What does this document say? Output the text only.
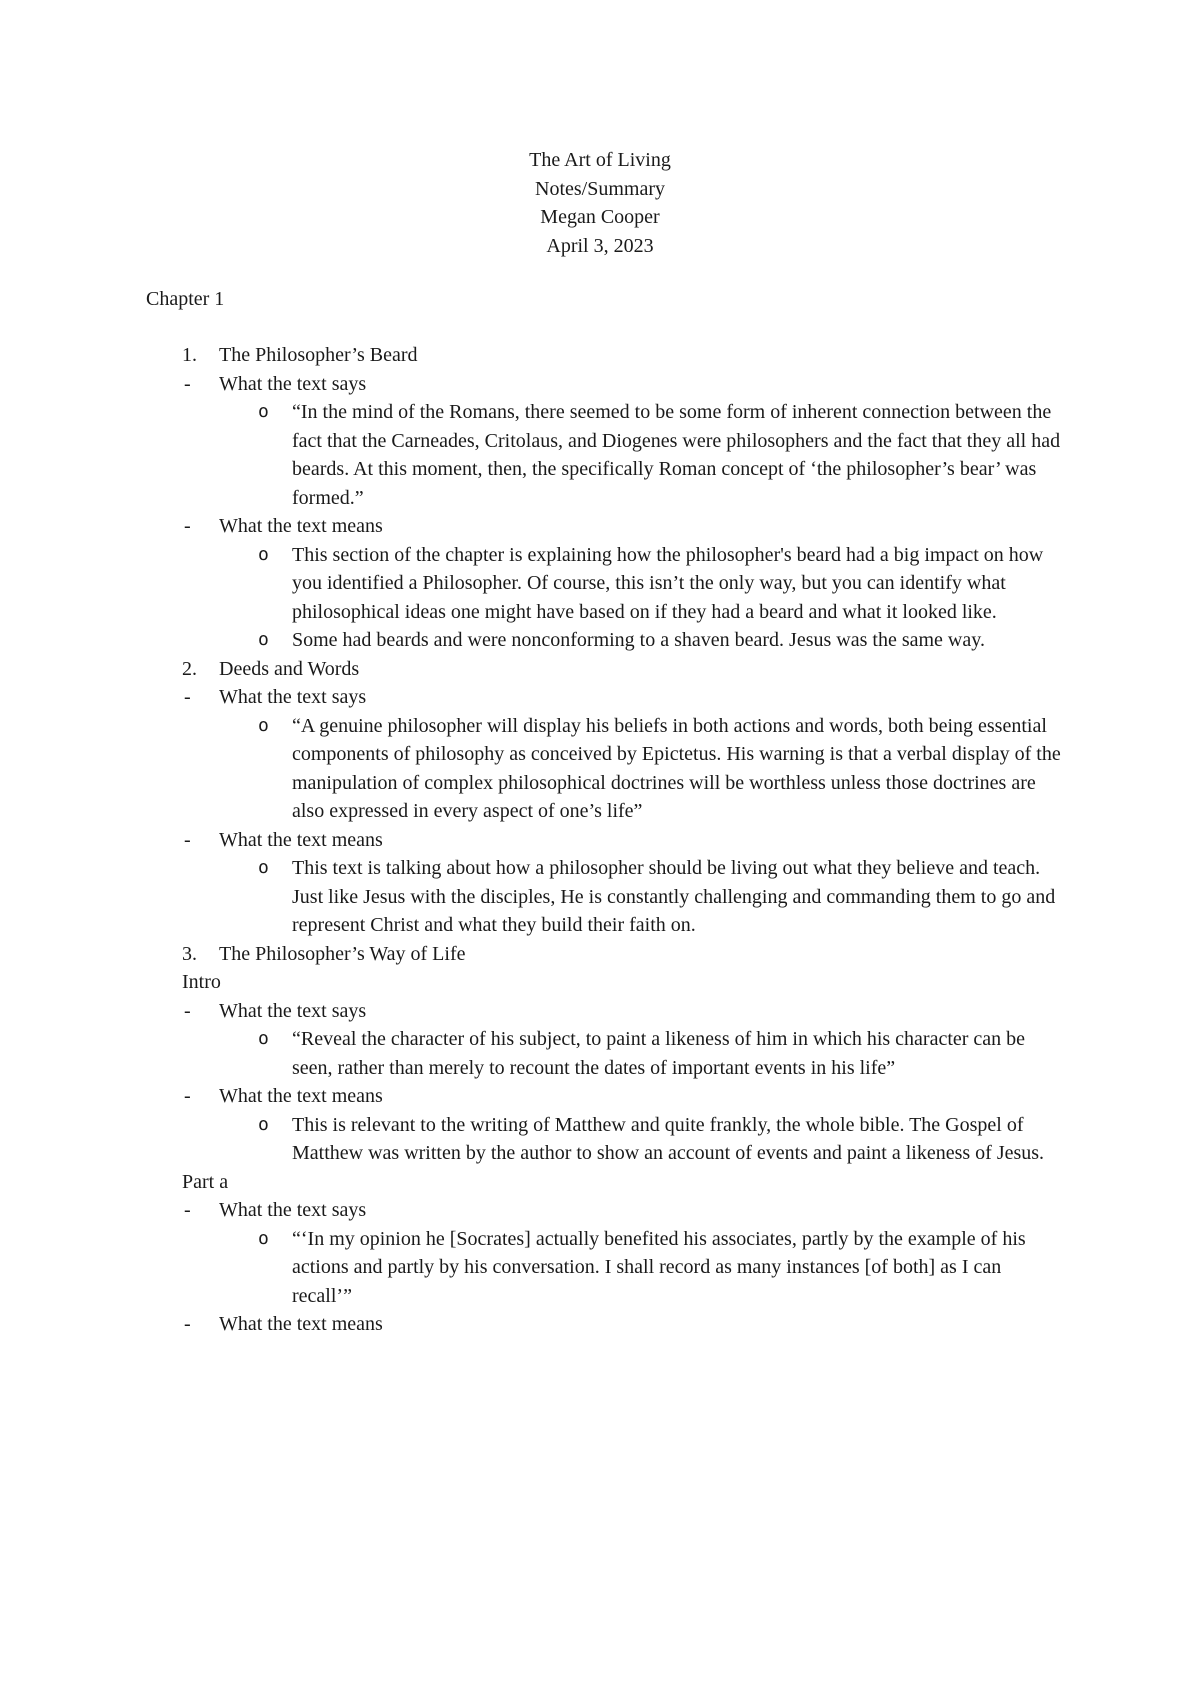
The Art of Living
Notes/Summary
Megan Cooper
April 3, 2023
Chapter 1
1. The Philosopher’s Beard
- What the text says
o “In the mind of the Romans, there seemed to be some form of inherent connection between the fact that the Carneades, Critolaus, and Diogenes were philosophers and the fact that they all had beards. At this moment, then, the specifically Roman concept of ‘the philosopher’s bear’ was formed.”
- What the text means
o This section of the chapter is explaining how the philosopher's beard had a big impact on how you identified a Philosopher. Of course, this isn’t the only way, but you can identify what philosophical ideas one might have based on if they had a beard and what it looked like.
o Some had beards and were nonconforming to a shaven beard. Jesus was the same way.
2. Deeds and Words
- What the text says
o “A genuine philosopher will display his beliefs in both actions and words, both being essential components of philosophy as conceived by Epictetus. His warning is that a verbal display of the manipulation of complex philosophical doctrines will be worthless unless those doctrines are also expressed in every aspect of one’s life”
- What the text means
o This text is talking about how a philosopher should be living out what they believe and teach. Just like Jesus with the disciples, He is constantly challenging and commanding them to go and represent Christ and what they build their faith on.
3. The Philosopher’s Way of Life
Intro
- What the text says
o “Reveal the character of his subject, to paint a likeness of him in which his character can be seen, rather than merely to recount the dates of important events in his life”
- What the text means
o This is relevant to the writing of Matthew and quite frankly, the whole bible. The Gospel of Matthew was written by the author to show an account of events and paint a likeness of Jesus.
Part a
- What the text says
o “‘In my opinion he [Socrates] actually benefited his associates, partly by the example of his actions and partly by his conversation. I shall record as many instances [of both] as I can recall’”
- What the text means
